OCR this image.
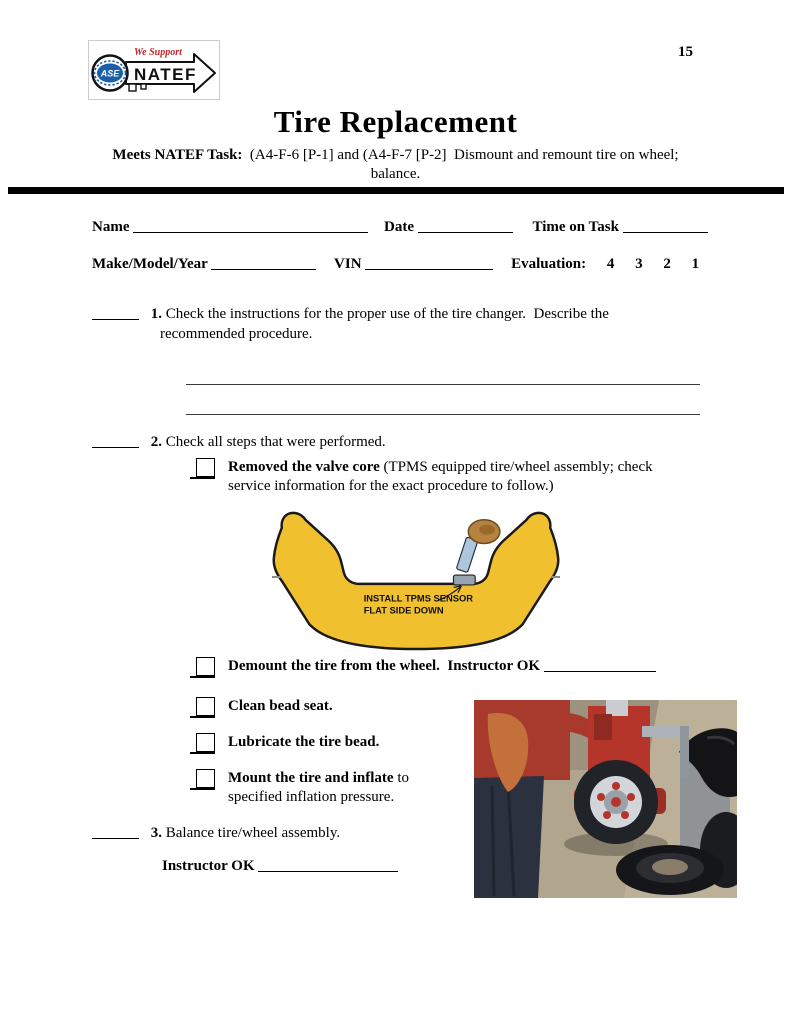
We Support
ASE NATEF
15
Tire Replacement
Meets NATEF Task:  (A4-F-6 [P-1] and (A4-F-7 [P-2]  Dismount and remount tire on wheel;
balance.
Name	Date	Time on Task
Make/Model/Year	VIN	Evaluation: 4 3 2 1
1. Check the instructions for the proper use of the tire changer.  Describe the
recommended procedure.
2. Check all steps that were performed.
Removed the valve core (TPMS equipped tire/wheel assembly; check
service information for the exact procedure to follow.)
INSTALL TPMS SENSOR
FLAT SIDE DOWN
Demount the tire from the wheel.  Instructor OK
Clean bead seat.
Lubricate the tire bead.
Mount the tire and inflate to
specified inflation pressure.
3. Balance tire/wheel assembly.
Instructor OK
